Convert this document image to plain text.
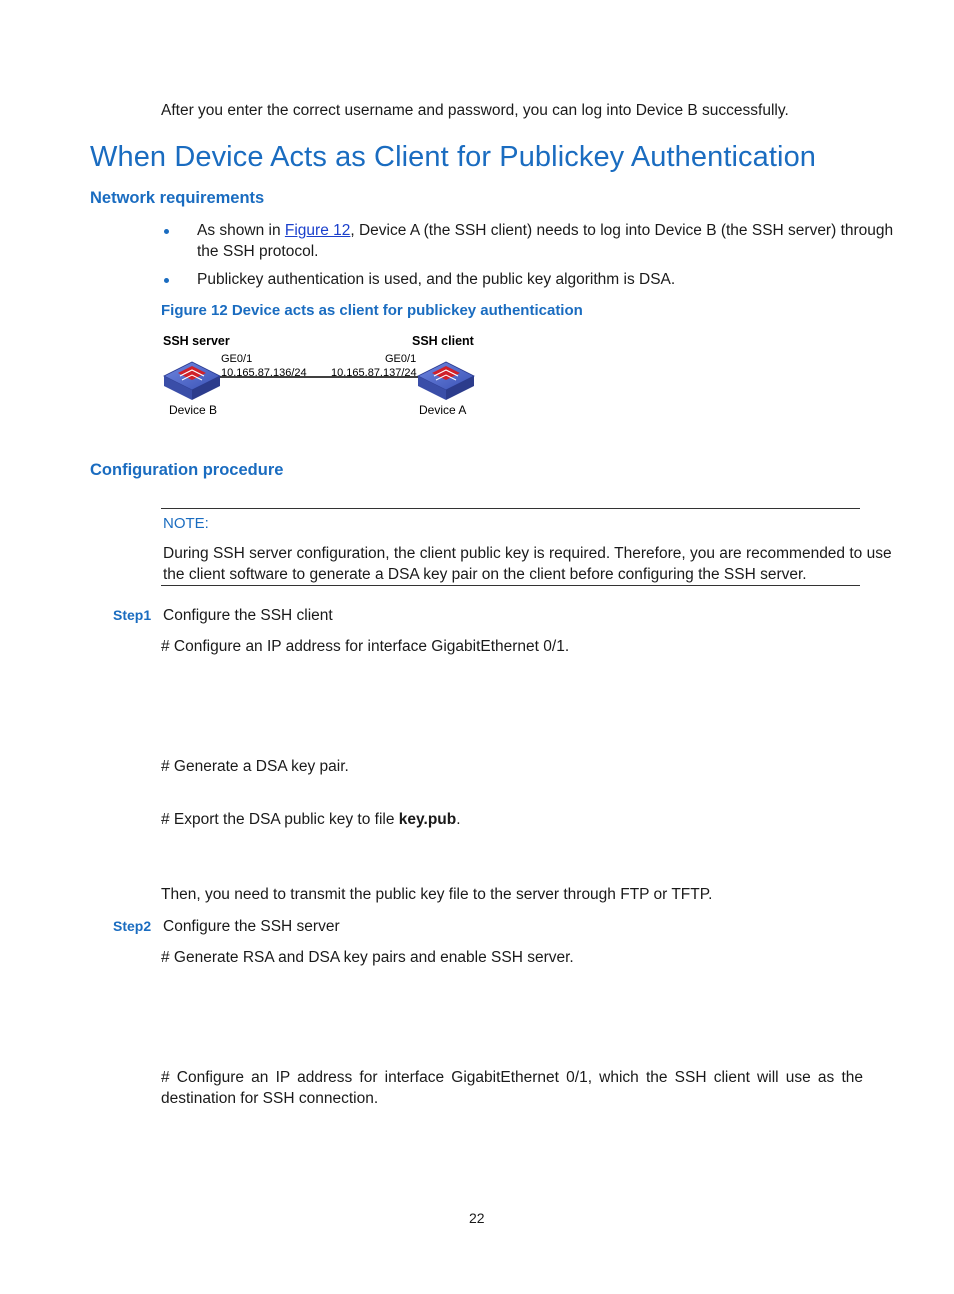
After you enter the correct username and password, you can log into Device B successfully.
When Device Acts as Client for Publickey Authentication
Network requirements
As shown in Figure 12, Device A (the SSH client) needs to log into Device B (the SSH server) through
the SSH protocol.
Publickey authentication is used, and the public key algorithm is DSA.
Figure 12 Device acts as client for publickey authentication
SSH server	SSH client
GE0/1	GE0/1
10.165.87.136/24 10.165.87.137/24
Device B	Device A
Configuration procedure
NOTE:
During SSH server configuration, the client public key is required. Therefore, you are recommended to use
the client software to generate a DSA key pair on the client before configuring the SSH server.
Step1 Configure the SSH client
# Configure an IP address for interface GigabitEthernet 0/1.
# Generate a DSA key pair.
# Export the DSA public key to file key.pub.
Then, you need to transmit the public key file to the server through FTP or TFTP.
Step2 Configure the SSH server
# Generate RSA and DSA key pairs and enable SSH server.
# Configure an IP address for interface GigabitEthernet 0/1, which the SSH client will use as the
destination for SSH connection.
22
